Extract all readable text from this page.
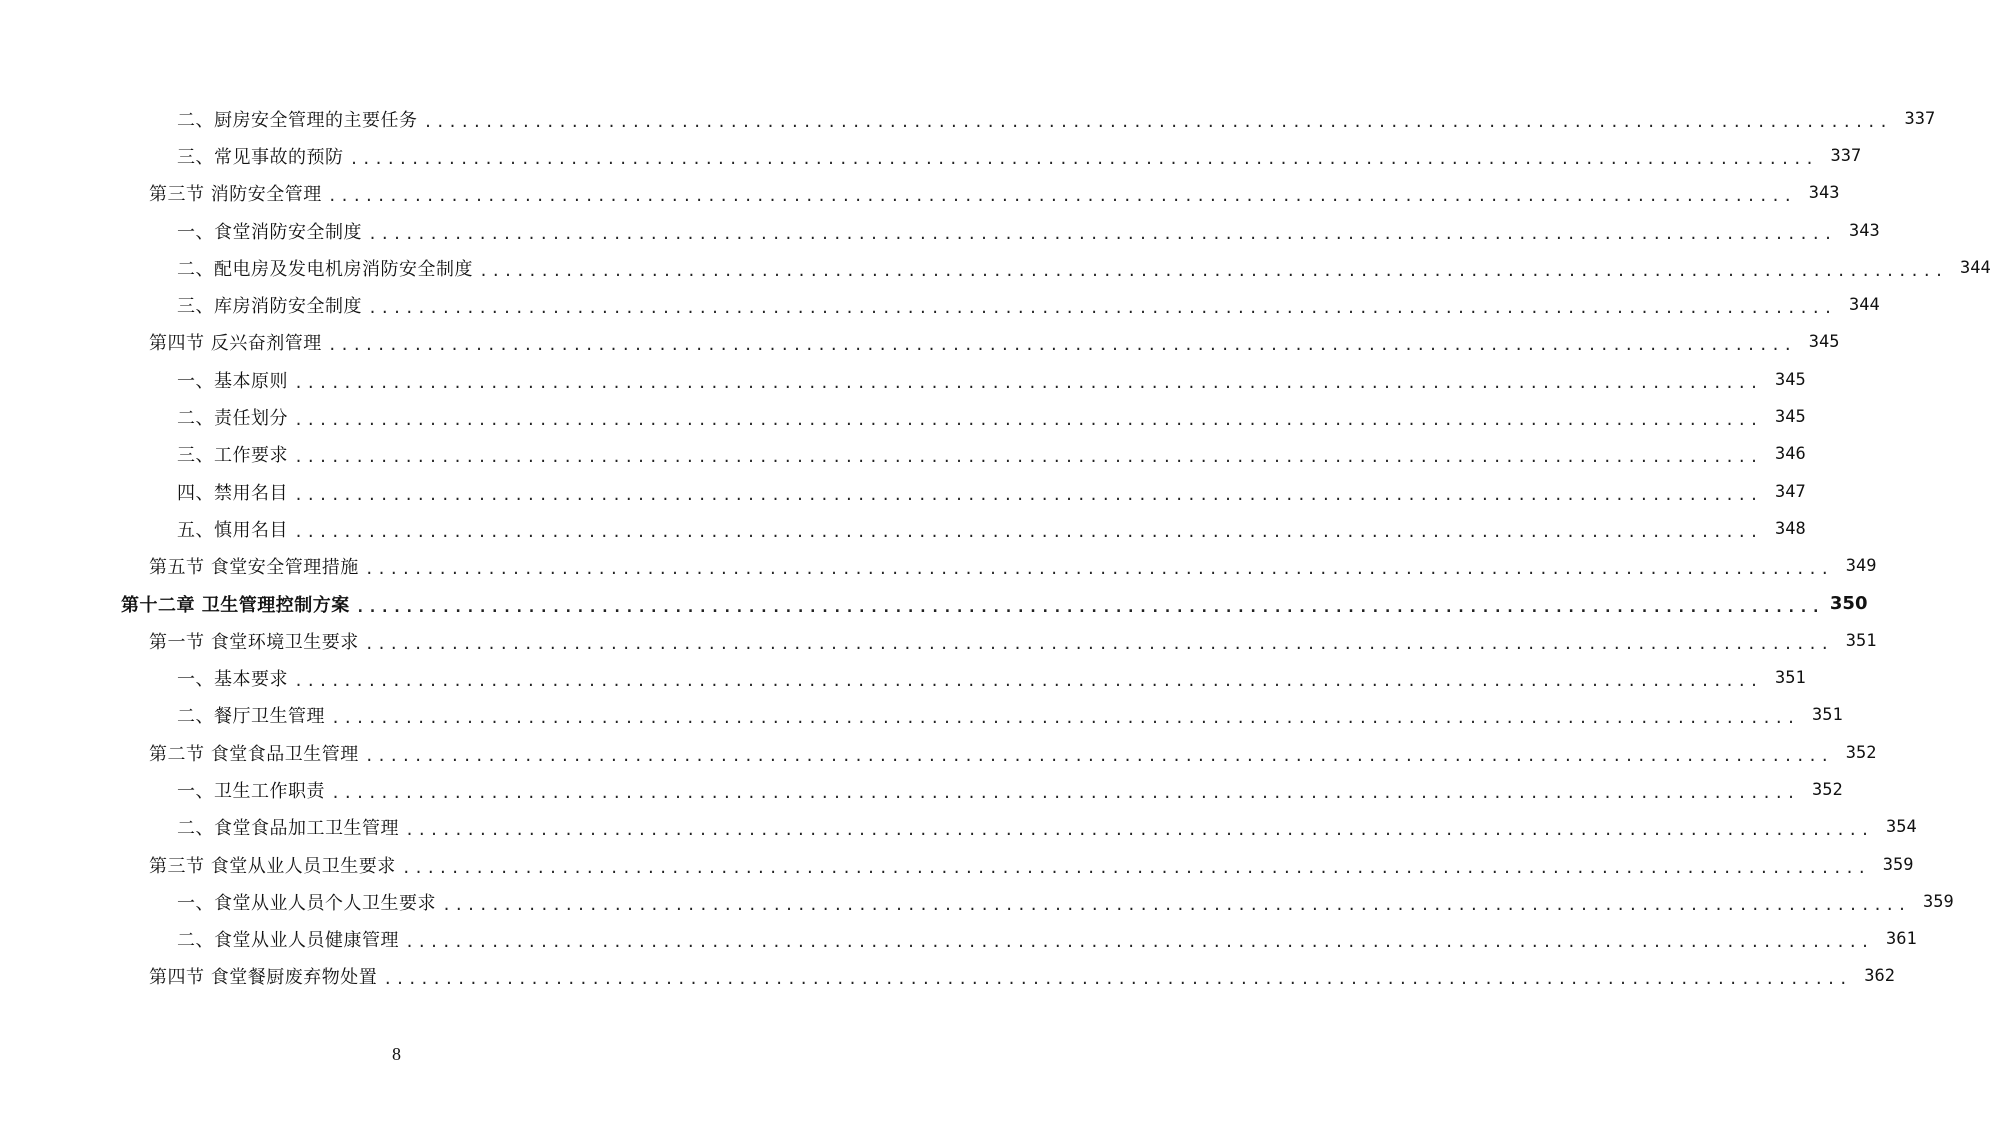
二、厨房安全管理的主要任务 ........................................................................................................................ 337
三、常见事故的预防 ........................................................................................................................ 337
第三节 消防安全管理 ........................................................................................................................ 343
一、食堂消防安全制度 ........................................................................................................................ 343
二、配电房及发电机房消防安全制度 ........................................................................................................................ 344
三、库房消防安全制度 ........................................................................................................................ 344
第四节 反兴奋剂管理 ........................................................................................................................ 345
一、基本原则 ........................................................................................................................ 345
二、责任划分 ........................................................................................................................ 345
三、工作要求 ........................................................................................................................ 346
四、禁用名目 ........................................................................................................................ 347
五、慎用名目 ........................................................................................................................ 348
第五节 食堂安全管理措施 ........................................................................................................................ 349
第十二章 卫生管理控制方案 ........................................................................................................................ 350
第一节 食堂环境卫生要求 ........................................................................................................................ 351
一、基本要求 ........................................................................................................................ 351
二、餐厅卫生管理 ........................................................................................................................ 351
第二节 食堂食品卫生管理 ........................................................................................................................ 352
一、卫生工作职责 ........................................................................................................................ 352
二、食堂食品加工卫生管理 ........................................................................................................................ 354
第三节 食堂从业人员卫生要求 ........................................................................................................................ 359
一、食堂从业人员个人卫生要求 ........................................................................................................................ 359
二、食堂从业人员健康管理 ........................................................................................................................ 361
第四节 食堂餐厨废弃物处置 ........................................................................................................................ 362
8
